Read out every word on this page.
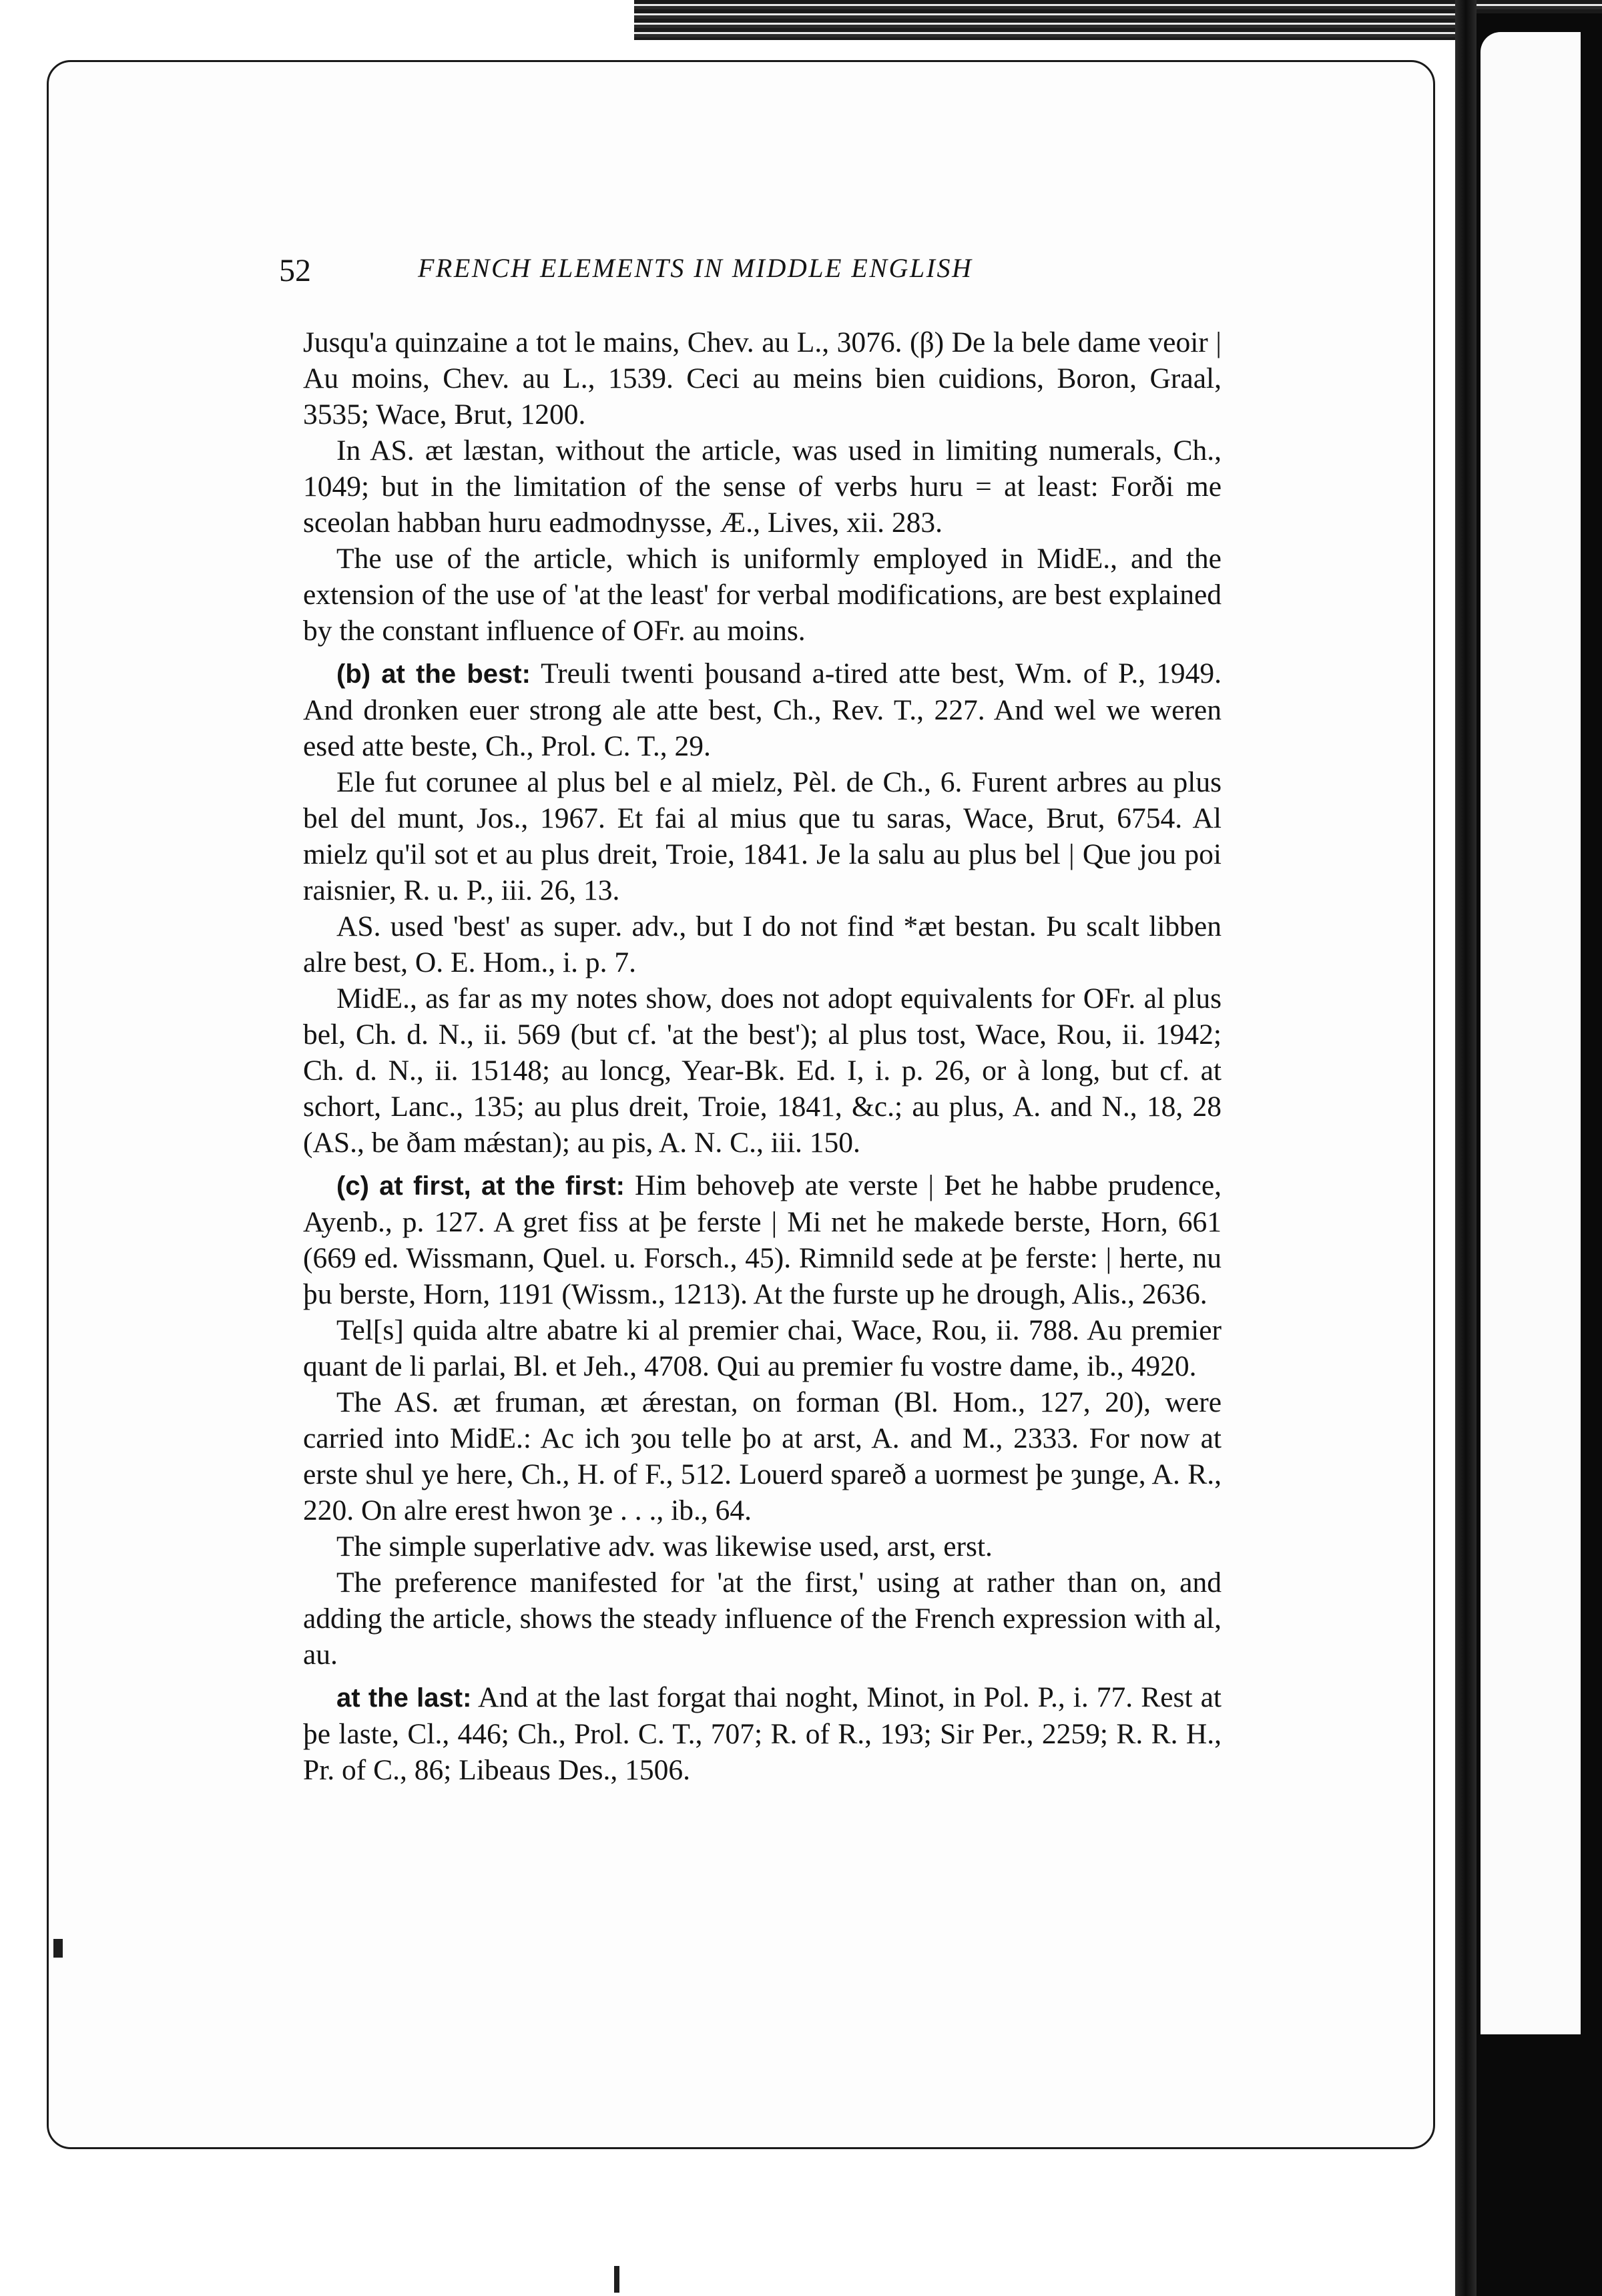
52	FRENCH ELEMENTS IN MIDDLE ENGLISH

Jusqu'a quinzaine a tot le mains, Chev. au L., 3076. (β) De la bele dame veoir | Au moins, Chev. au L., 1539. Ceci au meins bien cuidions, Boron, Graal, 3535; Wace, Brut, 1200.

In AS. æt læstan, without the article, was used in limiting numerals, Ch., 1049; but in the limitation of the sense of verbs huru = at least: Forði me sceolan habban huru eadmodnysse, Æ., Lives, xii. 283.

The use of the article, which is uniformly employed in MidE., and the extension of the use of 'at the least' for verbal modifications, are best explained by the constant influence of OFr. au moins.

(b) at the best: Treuli twenti þousand a-tired atte best, Wm. of P., 1949. And dronken euer strong ale atte best, Ch., Rev. T., 227. And wel we weren esed atte beste, Ch., Prol. C. T., 29.

Ele fut corunee al plus bel e al mielz, Pèl. de Ch., 6. Furent arbres au plus bel del munt, Jos., 1967. Et fai al mius que tu saras, Wace, Brut, 6754. Al mielz qu'il sot et au plus dreit, Troie, 1841. Je la salu au plus bel | Que jou poi raisnier, R. u. P., iii. 26, 13.

AS. used 'best' as super. adv., but I do not find *æt bestan. Þu scalt libben alre best, O. E. Hom., i. p. 7.

MidE., as far as my notes show, does not adopt equivalents for OFr. al plus bel, Ch. d. N., ii. 569 (but cf. 'at the best'); al plus tost, Wace, Rou, ii. 1942; Ch. d. N., ii. 15148; au loncg, Year-Bk. Ed. I, i. p. 26, or à long, but cf. at schort, Lanc., 135; au plus dreit, Troie, 1841, &c.; au plus, A. and N., 18, 28 (AS., be ðam mǽstan); au pis, A. N. C., iii. 150.

(c) at first, at the first: Him behoveþ ate verste | Þet he habbe prudence, Ayenb., p. 127. A gret fiss at þe ferste | Mi net he makede berste, Horn, 661 (669 ed. Wissmann, Quel. u. Forsch., 45). Rimnild sede at þe ferste: | herte, nu þu berste, Horn, 1191 (Wissm., 1213). At the furste up he drough, Alis., 2636.

Tel[s] quida altre abatre ki al premier chai, Wace, Rou, ii. 788. Au premier quant de li parlai, Bl. et Jeh., 4708. Qui au premier fu vostre dame, ib., 4920.

The AS. æt fruman, æt ǽrestan, on forman (Bl. Hom., 127, 20), were carried into MidE.: Ac ich ȝou telle þo at arst, A. and M., 2333. For now at erste shul ye here, Ch., H. of F., 512. Louerd spareð a uormest þe ȝunge, A. R., 220. On alre erest hwon ȝe . . ., ib., 64.

The simple superlative adv. was likewise used, arst, erst.

The preference manifested for 'at the first,' using at rather than on, and adding the article, shows the steady influence of the French expression with al, au.

at the last: And at the last forgat thai noght, Minot, in Pol. P., i. 77. Rest at þe laste, Cl., 446; Ch., Prol. C. T., 707; R. of R., 193; Sir Per., 2259; R. R. H., Pr. of C., 86; Libeaus Des., 1506.
